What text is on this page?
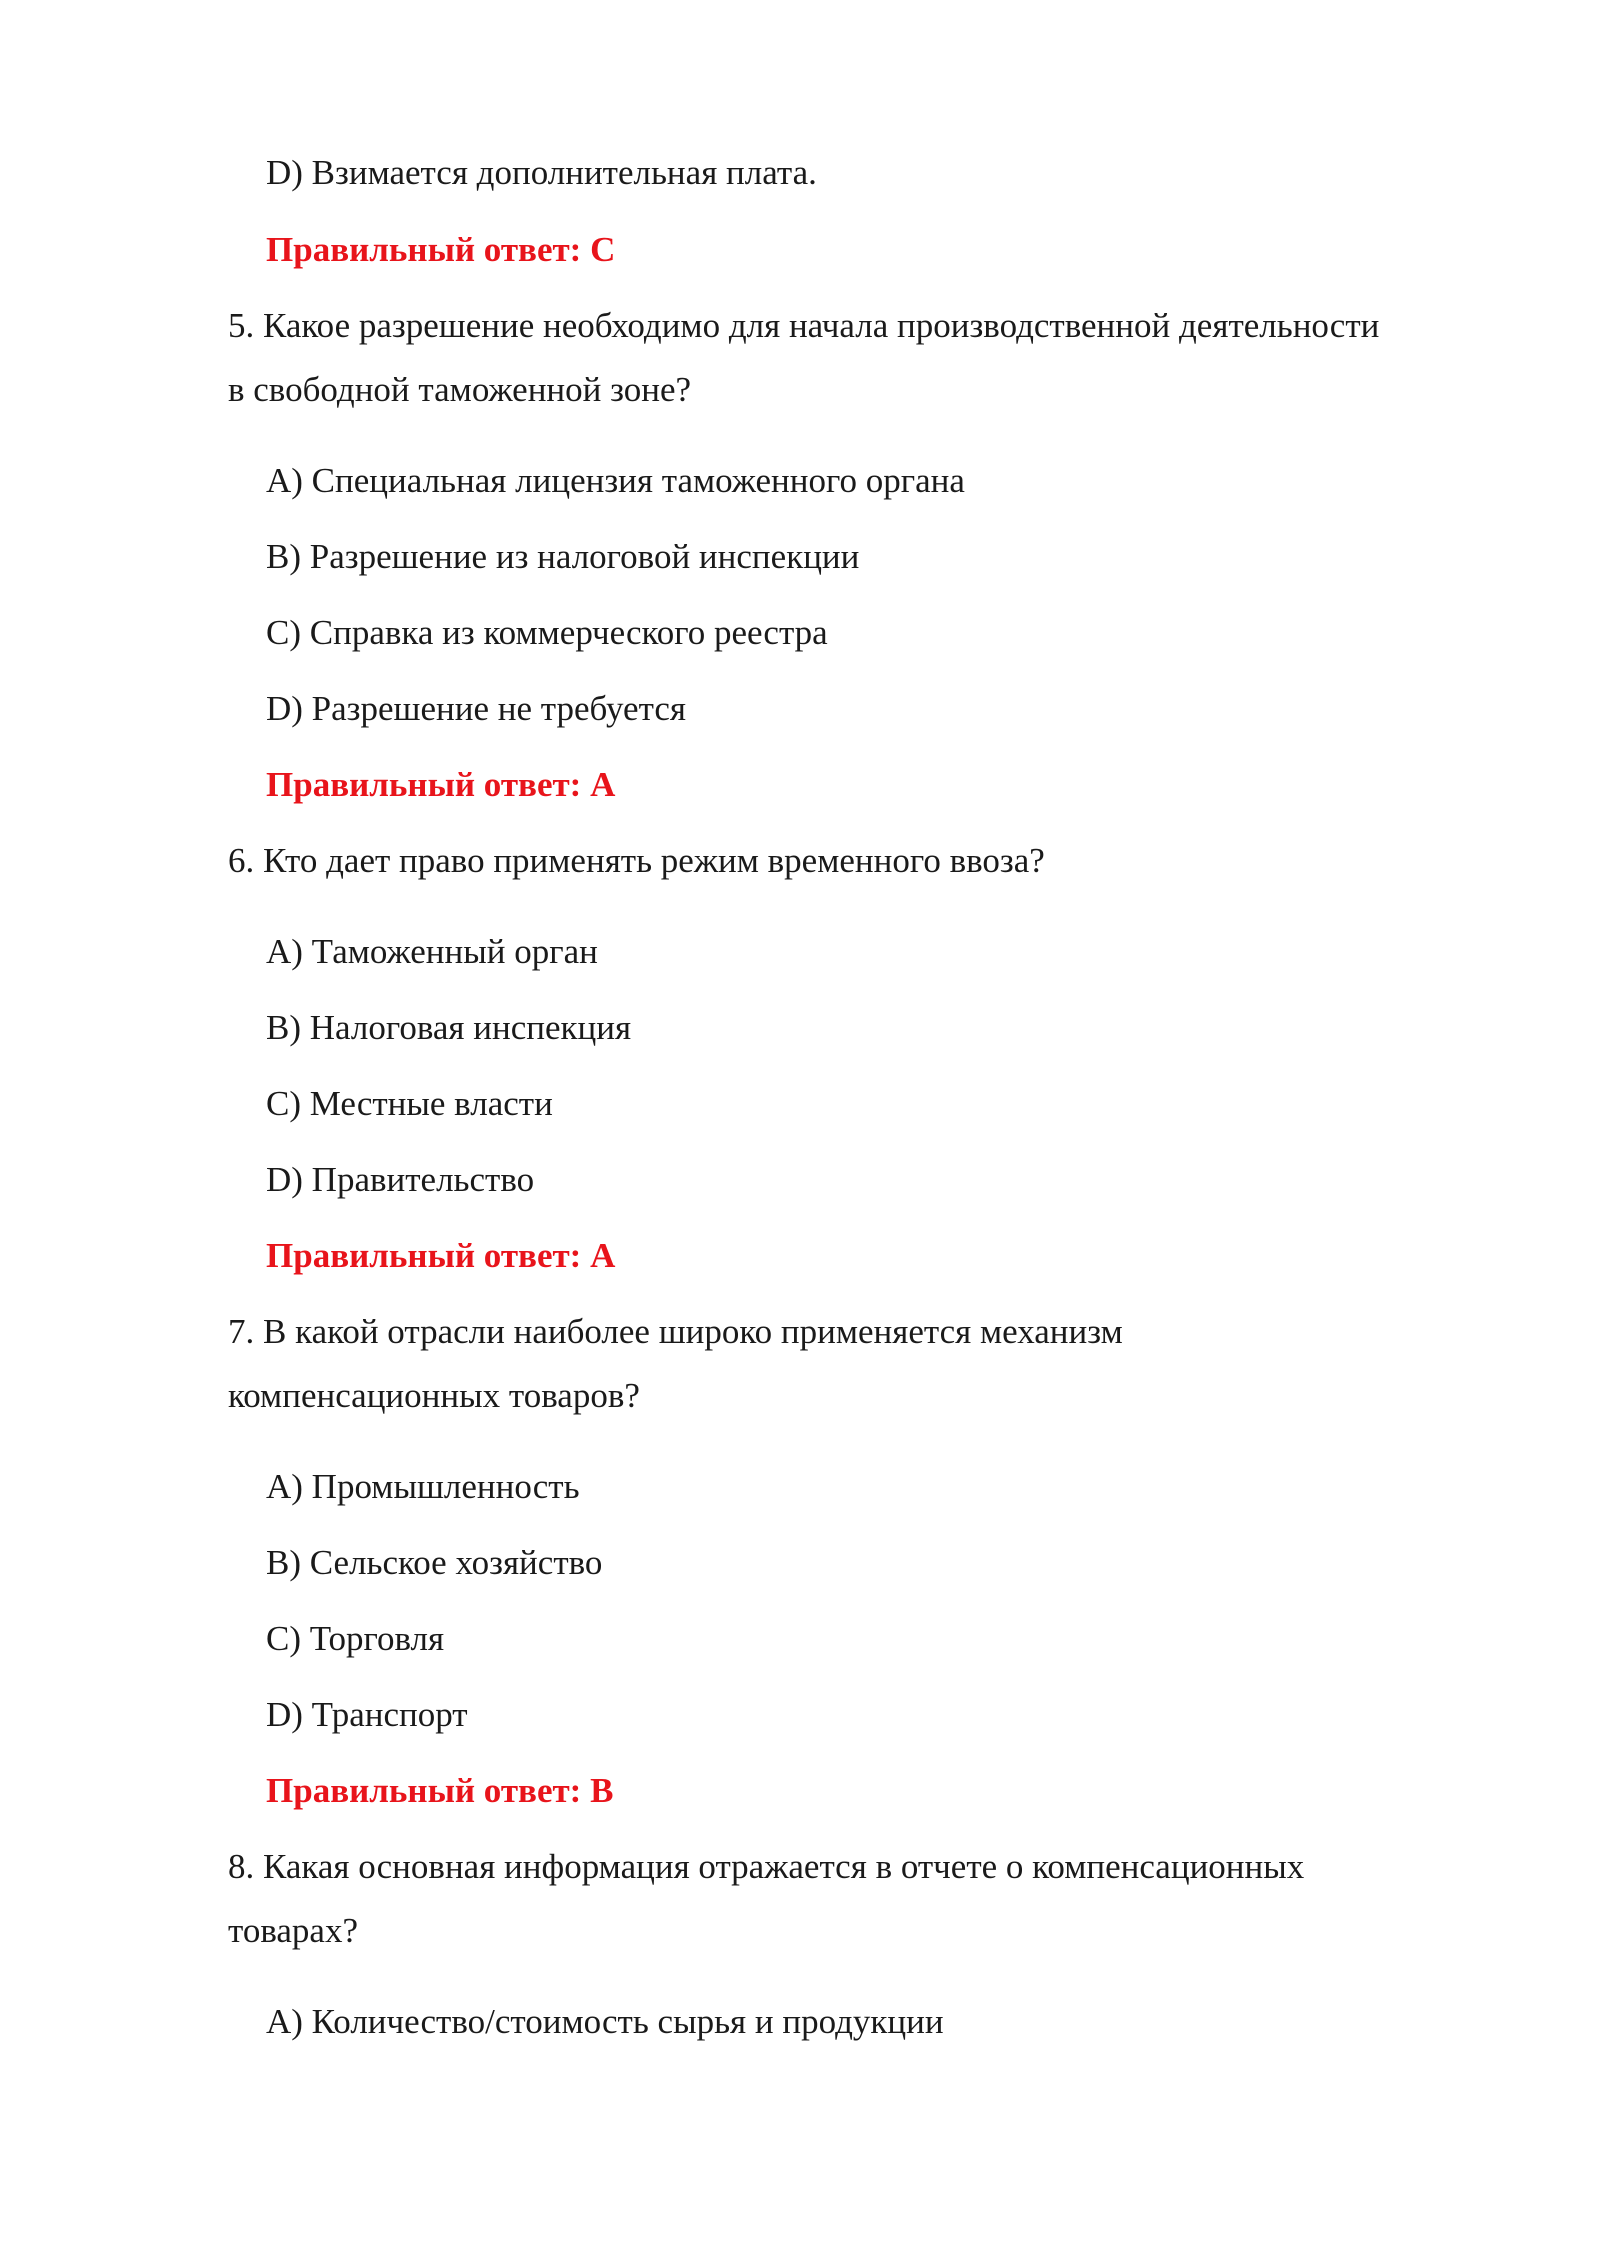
D) Взимается дополнительная плата.
Правильный ответ: С
5. Какое разрешение необходимо для начала производственной деятельности
в свободной таможенной зоне?
A) Специальная лицензия таможенного органа
B) Разрешение из налоговой инспекции
C) Справка из коммерческого реестра
D) Разрешение не требуется
Правильный ответ: A
6. Кто дает право применять режим временного ввоза?
A) Таможенный орган
B) Налоговая инспекция
C) Местные власти
D) Правительство
Правильный ответ: A
7. В какой отрасли наиболее широко применяется механизм
компенсационных товаров?
A) Промышленность
B) Сельское хозяйство
C) Торговля
D) Транспорт
Правильный ответ: B
8. Какая основная информация отражается в отчете о компенсационных
товарах?
A) Количество/стоимость сырья и продукции
